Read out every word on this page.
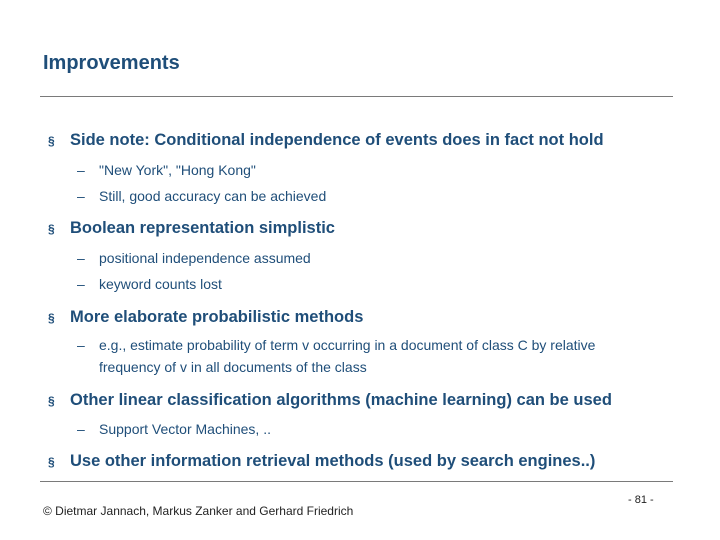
Improvements
§ Side note: Conditional independence of events does in fact not hold
– "New York", "Hong Kong"
– Still, good accuracy can be achieved
§ Boolean representation simplistic
– positional independence assumed
– keyword counts lost
§ More elaborate probabilistic methods
– e.g., estimate probability of term v occurring in a document of class C by relative frequency of v in all documents of the class
§ Other linear classification algorithms (machine learning) can be used
– Support Vector Machines, ..
§ Use other information retrieval methods (used by search engines..)
© Dietmar Jannach, Markus Zanker and Gerhard Friedrich
- 81 -
